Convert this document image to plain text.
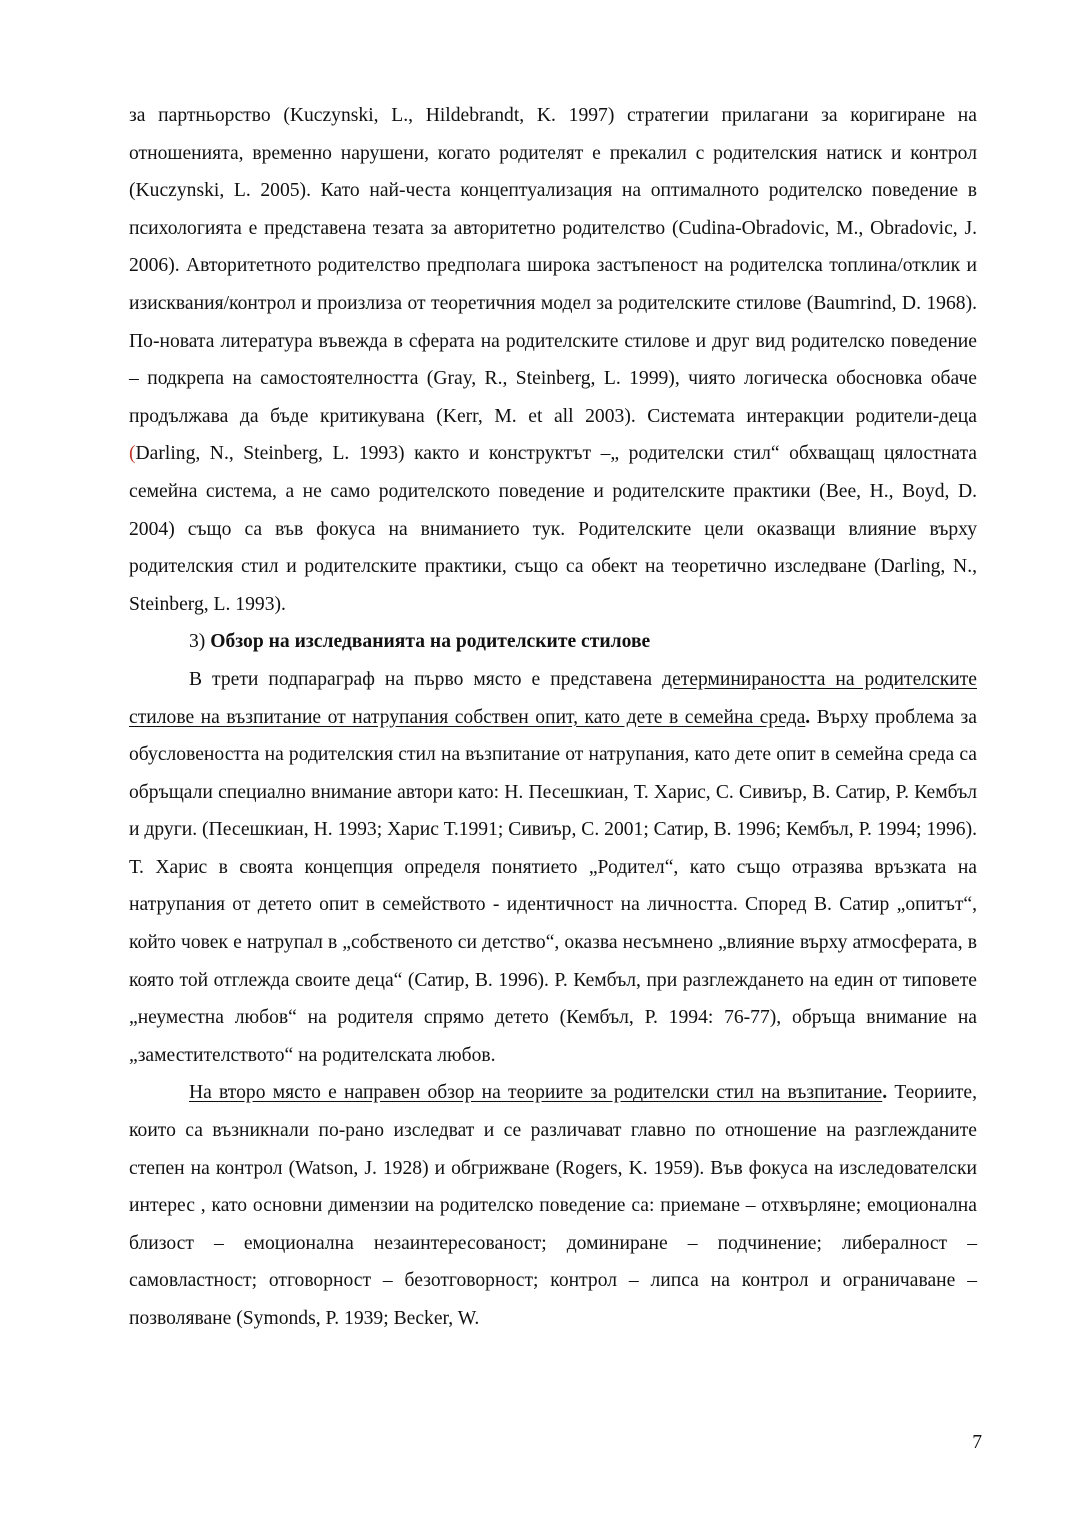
за партньорство (Kuczynski, L., Hildebrandt, K. 1997) стратегии прилагани за коригиране на отношенията, временно нарушени, когато родителят е прекалил с родителския натиск и контрол (Kuczynski, L. 2005). Като най-честа концептуализация на оптималното родителско поведение в психологията е представена тезата за авторитетно родителство (Cudina-Obradovic, M., Obradovic, J. 2006). Авторитетното родителство предполага широка застъпеност на родителска топлина/отклик и изисквания/контрол и произлиза от теоретичния модел за родителските стилове (Baumrind, D. 1968). По-новата литература въвежда в сферата на родителските стилове и друг вид родителско поведение – подкрепа на самостоятелността (Gray, R., Steinberg, L. 1999), чиято логическа обосновка обаче продължава да бъде критикувана (Kerr, M. et all 2003). Системата интеракции родители-деца (Darling, N., Steinberg, L. 1993) както и конструктът –„ родителски стил“ обхващащ цялостната семейна система, а не само родителското поведение и родителските практики (Bee, H., Boyd, D. 2004) също са във фокуса на вниманието тук. Родителските цели оказващи влияние върху родителския стил и родителските практики, също са обект на теоретично изследване (Darling, N., Steinberg, L. 1993).

3) Обзор на изследванията на родителските стилове

В трети подпараграф на първо място е представена детерминираността на родителските стилове на възпитание от натрупания собствен опит, като дете в семейна среда. Върху проблема за обусловеността на родителския стил на възпитание от натрупания, като дете опит в семейна среда са обръщали специално внимание автори като: Н. Песешкиан, Т. Харис, С. Сивиър, В. Сатир, Р. Кембъл и други. (Песешкиан, Н. 1993; Харис Т.1991; Сивиър, С. 2001; Сатир, В. 1996; Кембъл, Р. 1994; 1996). Т. Харис в своята концепция определя понятието „Родител“, като също отразява връзката на натрупания от детето опит в семейството - идентичност на личността. Според В. Сатир „опитът“, който човек е натрупал в „собственото си детство“, оказва несъмнено „влияние върху атмосферата, в която той отглежда своите деца“ (Сатир, В. 1996). Р. Кембъл, при разглеждането на един от типовете „неуместна любов“ на родителя спрямо детето (Кембъл, Р. 1994: 76-77), обръща внимание на „заместителството“ на родителската любов.

На второ място е направен обзор на теориите за родителски стил на възпитание. Теориите, които са възникнали по-рано изследват и се различават главно по отношение на разглежданите степен на контрол (Watson, J. 1928) и обгрижване (Rogers, K. 1959). Във фокуса на изследователски интерес , като основни димензии на родителско поведение са: приемане – отхвърляне; емоционална близост – емоционална незаинтересованост; доминиране – подчинение; либералност – самовластност; отговорност – безотговорност; контрол – липса на контрол и ограничаване – позволяване (Symonds, P. 1939; Becker, W.

7
